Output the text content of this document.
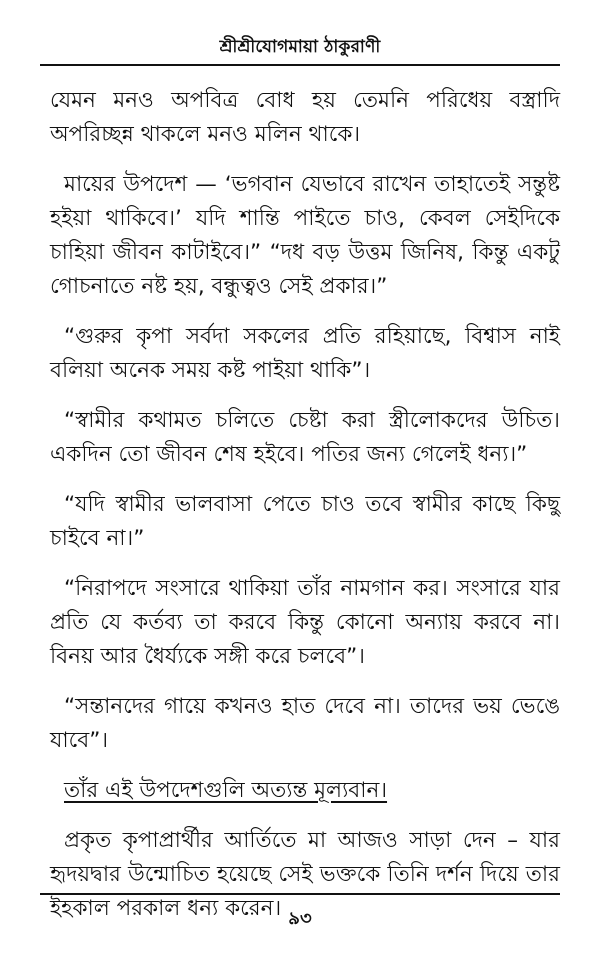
শ্রীশ্রীযোগমায়া ঠাকুরাণী

যেমন মনও অপবিত্র বোধ হয় তেমনি পরিধেয় বস্ত্রাদি অপরিচ্ছন্ন থাকলে মনও মলিন থাকে।

মায়ের উপদেশ — ‘ভগবান যেভাবে রাখেন তাহাতেই সন্তুষ্ট হইয়া থাকিবে।’ যদি শান্তি পাইতে চাও, কেবল সেইদিকে চাহিয়া জীবন কাটাইবে।” “দধ বড় উত্তম জিনিষ, কিন্তু একটু গোচনাতে নষ্ট হয়, বন্ধুত্বও সেই প্রকার।”

“গুরুর কৃপা সর্বদা সকলের প্রতি রহিয়াছে, বিশ্বাস নাই বলিয়া অনেক সময় কষ্ট পাইয়া থাকি”।

“স্বামীর কথামত চলিতে চেষ্টা করা স্ত্রীলোকদের উচিত। একদিন তো জীবন শেষ হইবে। পতির জন্য গেলেই ধন্য।”

“যদি স্বামীর ভালবাসা পেতে চাও তবে স্বামীর কাছে কিছু চাইবে না।”

“নিরাপদে সংসারে থাকিয়া তাঁর নামগান কর। সংসারে যার প্রতি যে কর্তব্য তা করবে কিন্তু কোনো অন্যায় করবে না। বিনয় আর ধৈর্য্যকে সঙ্গী করে চলবে”।

“সন্তানদের গায়ে কখনও হাত দেবে না। তাদের ভয় ভেঙে যাবে”।

তাঁর এই উপদেশগুলি অত্যন্ত মূল্যবান।

প্রকৃত কৃপাপ্রার্থীর আর্তিতে মা আজও সাড়া দেন – যার হৃদয়দ্বার উন্মোচিত হয়েছে সেই ভক্তকে তিনি দর্শন দিয়ে তার ইহকাল পরকাল ধন্য করেন। ৯৩
